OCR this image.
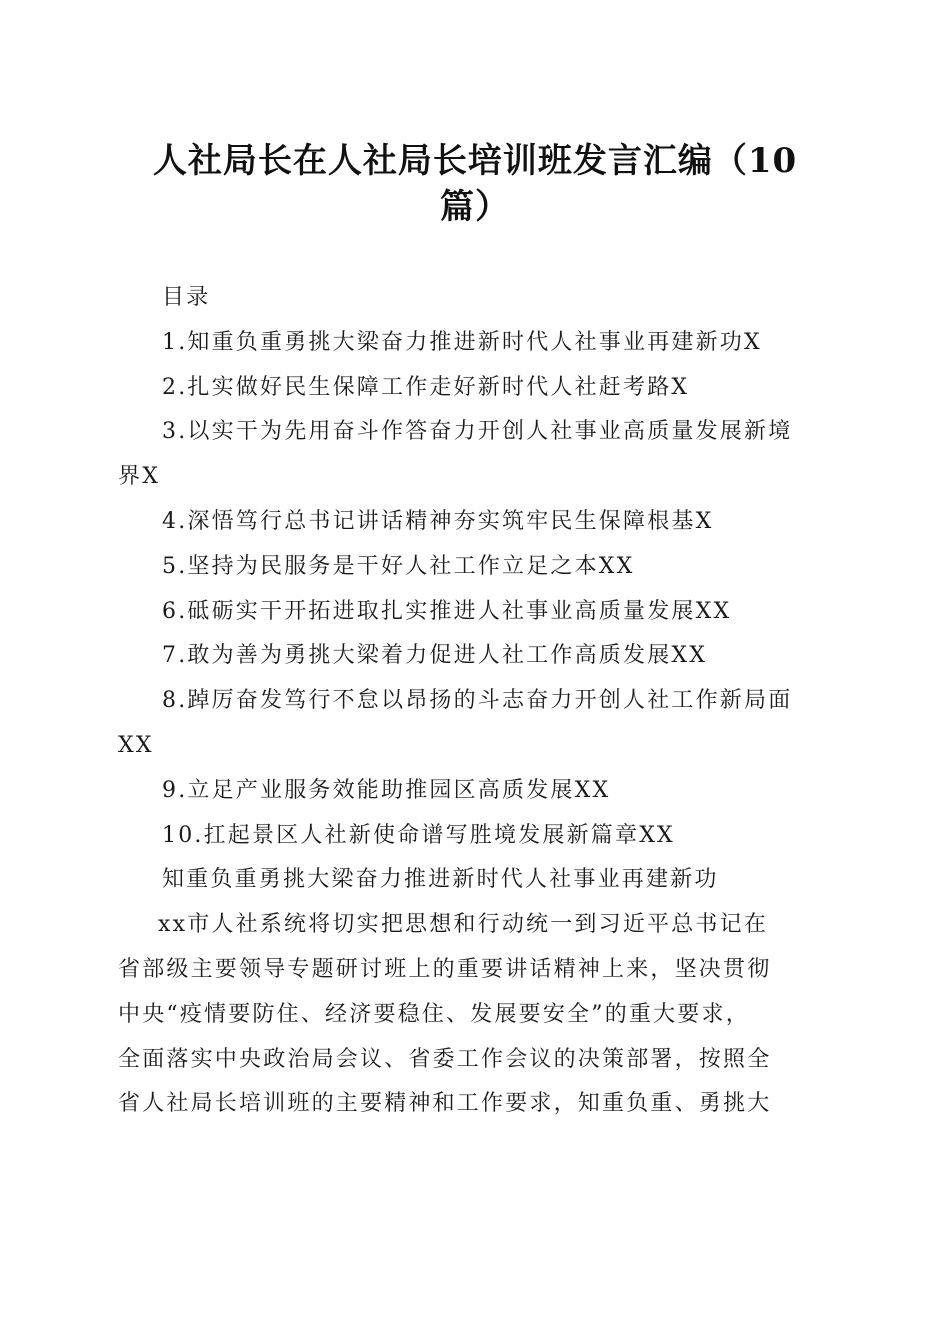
人社局长在人社局长培训班发言汇编（10
篇）
目录
1.知重负重勇挑大梁奋力推进新时代人社事业再建新功X
2.扎实做好民生保障工作走好新时代人社赶考路X
3.以实干为先用奋斗作答奋力开创人社事业高质量发展新境
界X
4.深悟笃行总书记讲话精神夯实筑牢民生保障根基X
5.坚持为民服务是干好人社工作立足之本XX
6.砥砺实干开拓进取扎实推进人社事业高质量发展XX
7.敢为善为勇挑大梁着力促进人社工作高质发展XX
8.踔厉奋发笃行不怠以昂扬的斗志奋力开创人社工作新局面
XX
9.立足产业服务效能助推园区高质发展XX
10.扛起景区人社新使命谱写胜境发展新篇章XX
知重负重勇挑大梁奋力推进新时代人社事业再建新功
xx市人社系统将切实把思想和行动统一到习近平总书记在
省部级主要领导专题研讨班上的重要讲话精神上来，坚决贯彻
中央“疫情要防住、经济要稳住、发展要安全”的重大要求，
全面落实中央政治局会议、省委工作会议的决策部署，按照全
省人社局长培训班的主要精神和工作要求，知重负重、勇挑大
